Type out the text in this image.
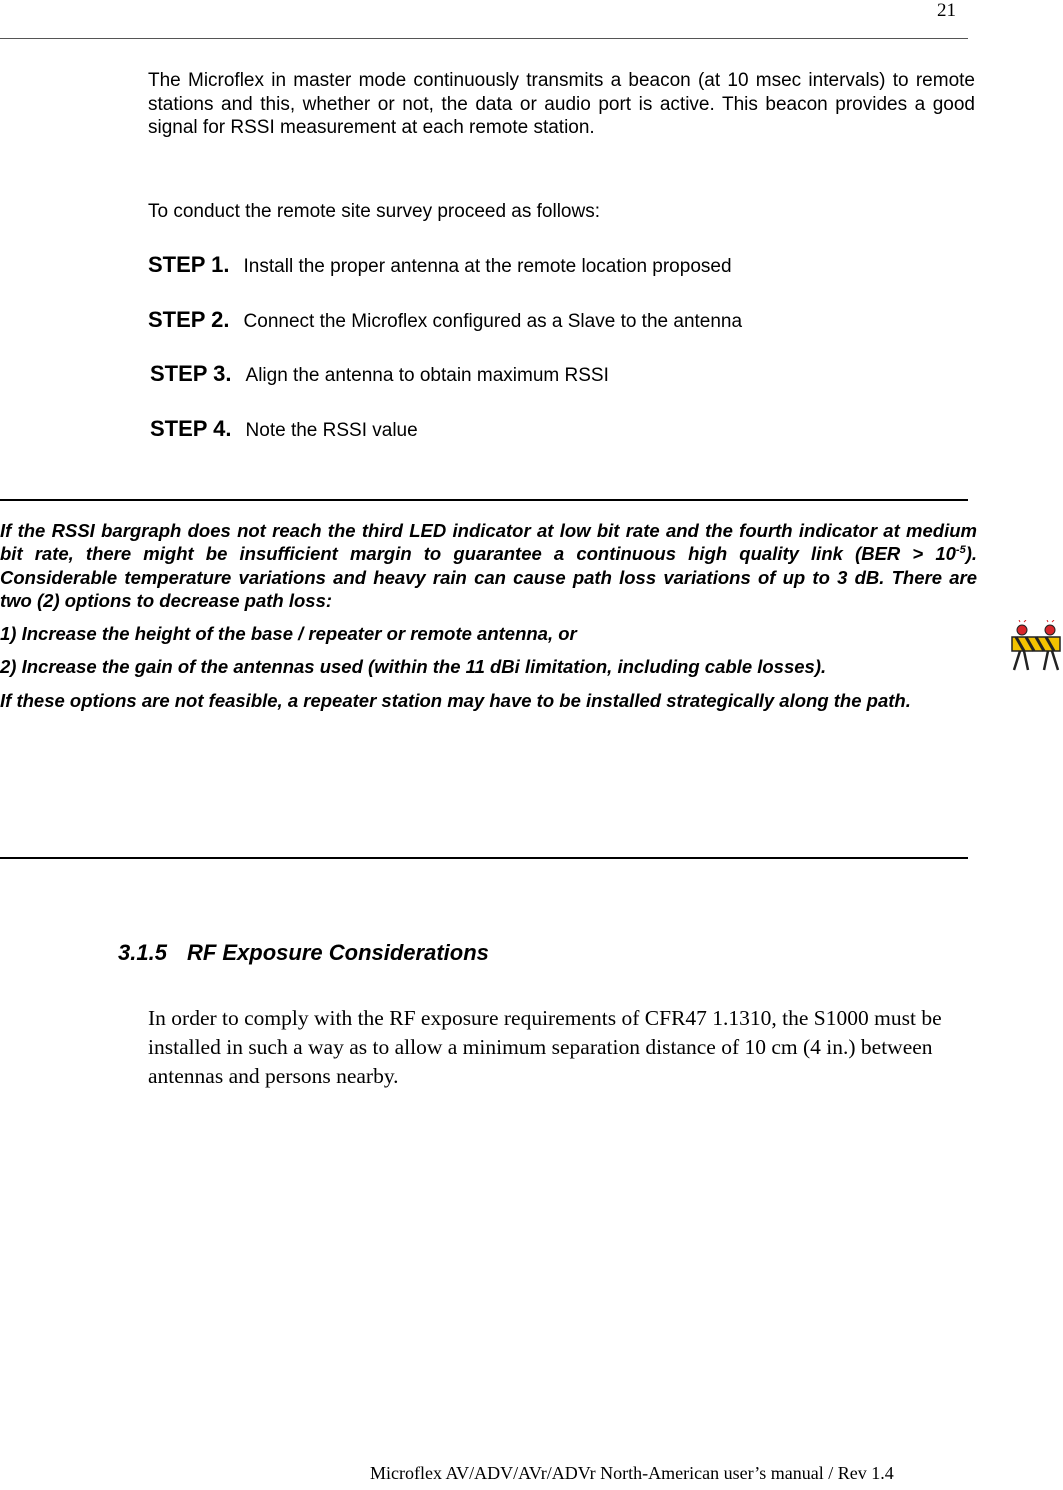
21

The Microflex in master mode continuously transmits a beacon (at 10 msec intervals) to remote stations and this, whether or not, the data or audio port is active. This beacon provides a good signal for RSSI measurement at each remote station.

To conduct the remote site survey proceed as follows:

STEP 1. Install the proper antenna at the remote location proposed

STEP 2. Connect the Microflex configured as a Slave to the antenna

STEP 3. Align the antenna to obtain maximum RSSI

STEP 4. Note the RSSI value

If the RSSI bargraph does not reach the third LED indicator at low bit rate and the fourth indicator at medium bit rate, there might be insufficient margin to guarantee a continuous high quality link $(BER > 10^{-5})$. Considerable temperature variations and heavy rain can cause path loss variations of up to 3 dB. There are two (2) options to decrease path loss:

1) Increase the height of the base / repeater or remote antenna, or

2) Increase the gain of the antennas used (within the 11 dBi limitation, including cable losses).

If these options are not feasible, a repeater station may have to be installed strategically along the path.

3.1.5 RF Exposure Considerations

In order to comply with the RF exposure requirements of CFR47 1.1310, the S1000 must be installed in such a way as to allow a minimum separation distance of 10 cm (4 in.) between antennas and persons nearby.

Microflex AV/ADV/AVr/ADVr North-American user’s manual / Rev 1.4
